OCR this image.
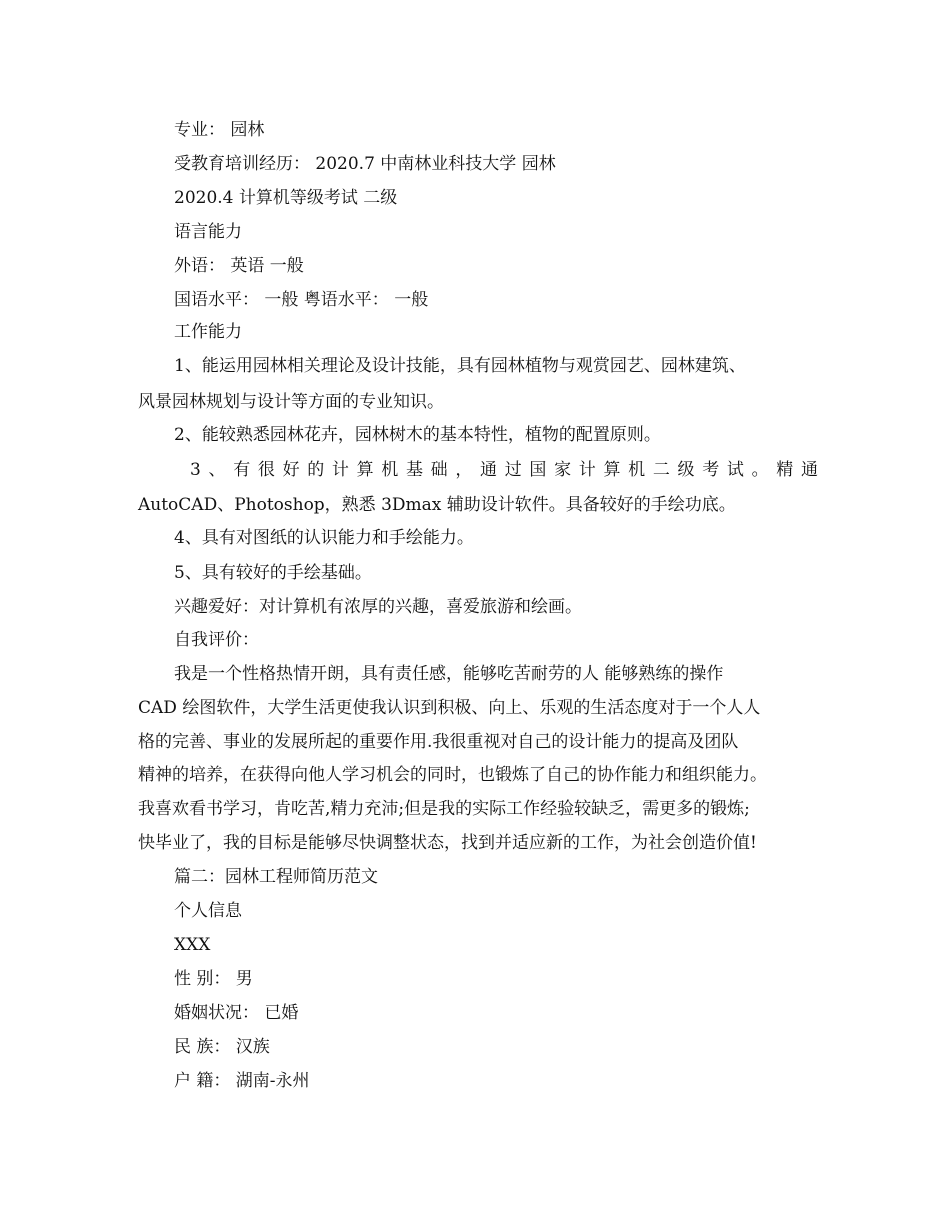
专业： 园林
受教育培训经历： 2020.7 中南林业科技大学 园林
2020.4 计算机等级考试 二级
语言能力
外语： 英语 一般
国语水平： 一般 粤语水平： 一般
工作能力
1、能运用园林相关理论及设计技能，具有园林植物与观赏园艺、园林建筑、
风景园林规划与设计等方面的专业知识。
2、能较熟悉园林花卉，园林树木的基本特性，植物的配置原则。
3、有很好的计算机基础，通过国家计算机二级考试。精通
AutoCAD、Photoshop，熟悉 3Dmax 辅助设计软件。具备较好的手绘功底。
4、具有对图纸的认识能力和手绘能力。
5、具有较好的手绘基础。
兴趣爱好：对计算机有浓厚的兴趣，喜爱旅游和绘画。
自我评价：
我是一个性格热情开朗，具有责任感，能够吃苦耐劳的人 能够熟练的操作
CAD 绘图软件，大学生活更使我认识到积极、向上、乐观的生活态度对于一个人人
格的完善、事业的发展所起的重要作用.我很重视对自己的设计能力的提高及团队
精神的培养，在获得向他人学习机会的同时，也锻炼了自己的协作能力和组织能力。
我喜欢看书学习，肯吃苦,精力充沛;但是我的实际工作经验较缺乏，需更多的锻炼;
快毕业了，我的目标是能够尽快调整状态，找到并适应新的工作，为社会创造价值!
篇二：园林工程师简历范文
个人信息
XXX
性 别： 男
婚姻状况： 已婚
民 族： 汉族
户 籍： 湖南-永州
